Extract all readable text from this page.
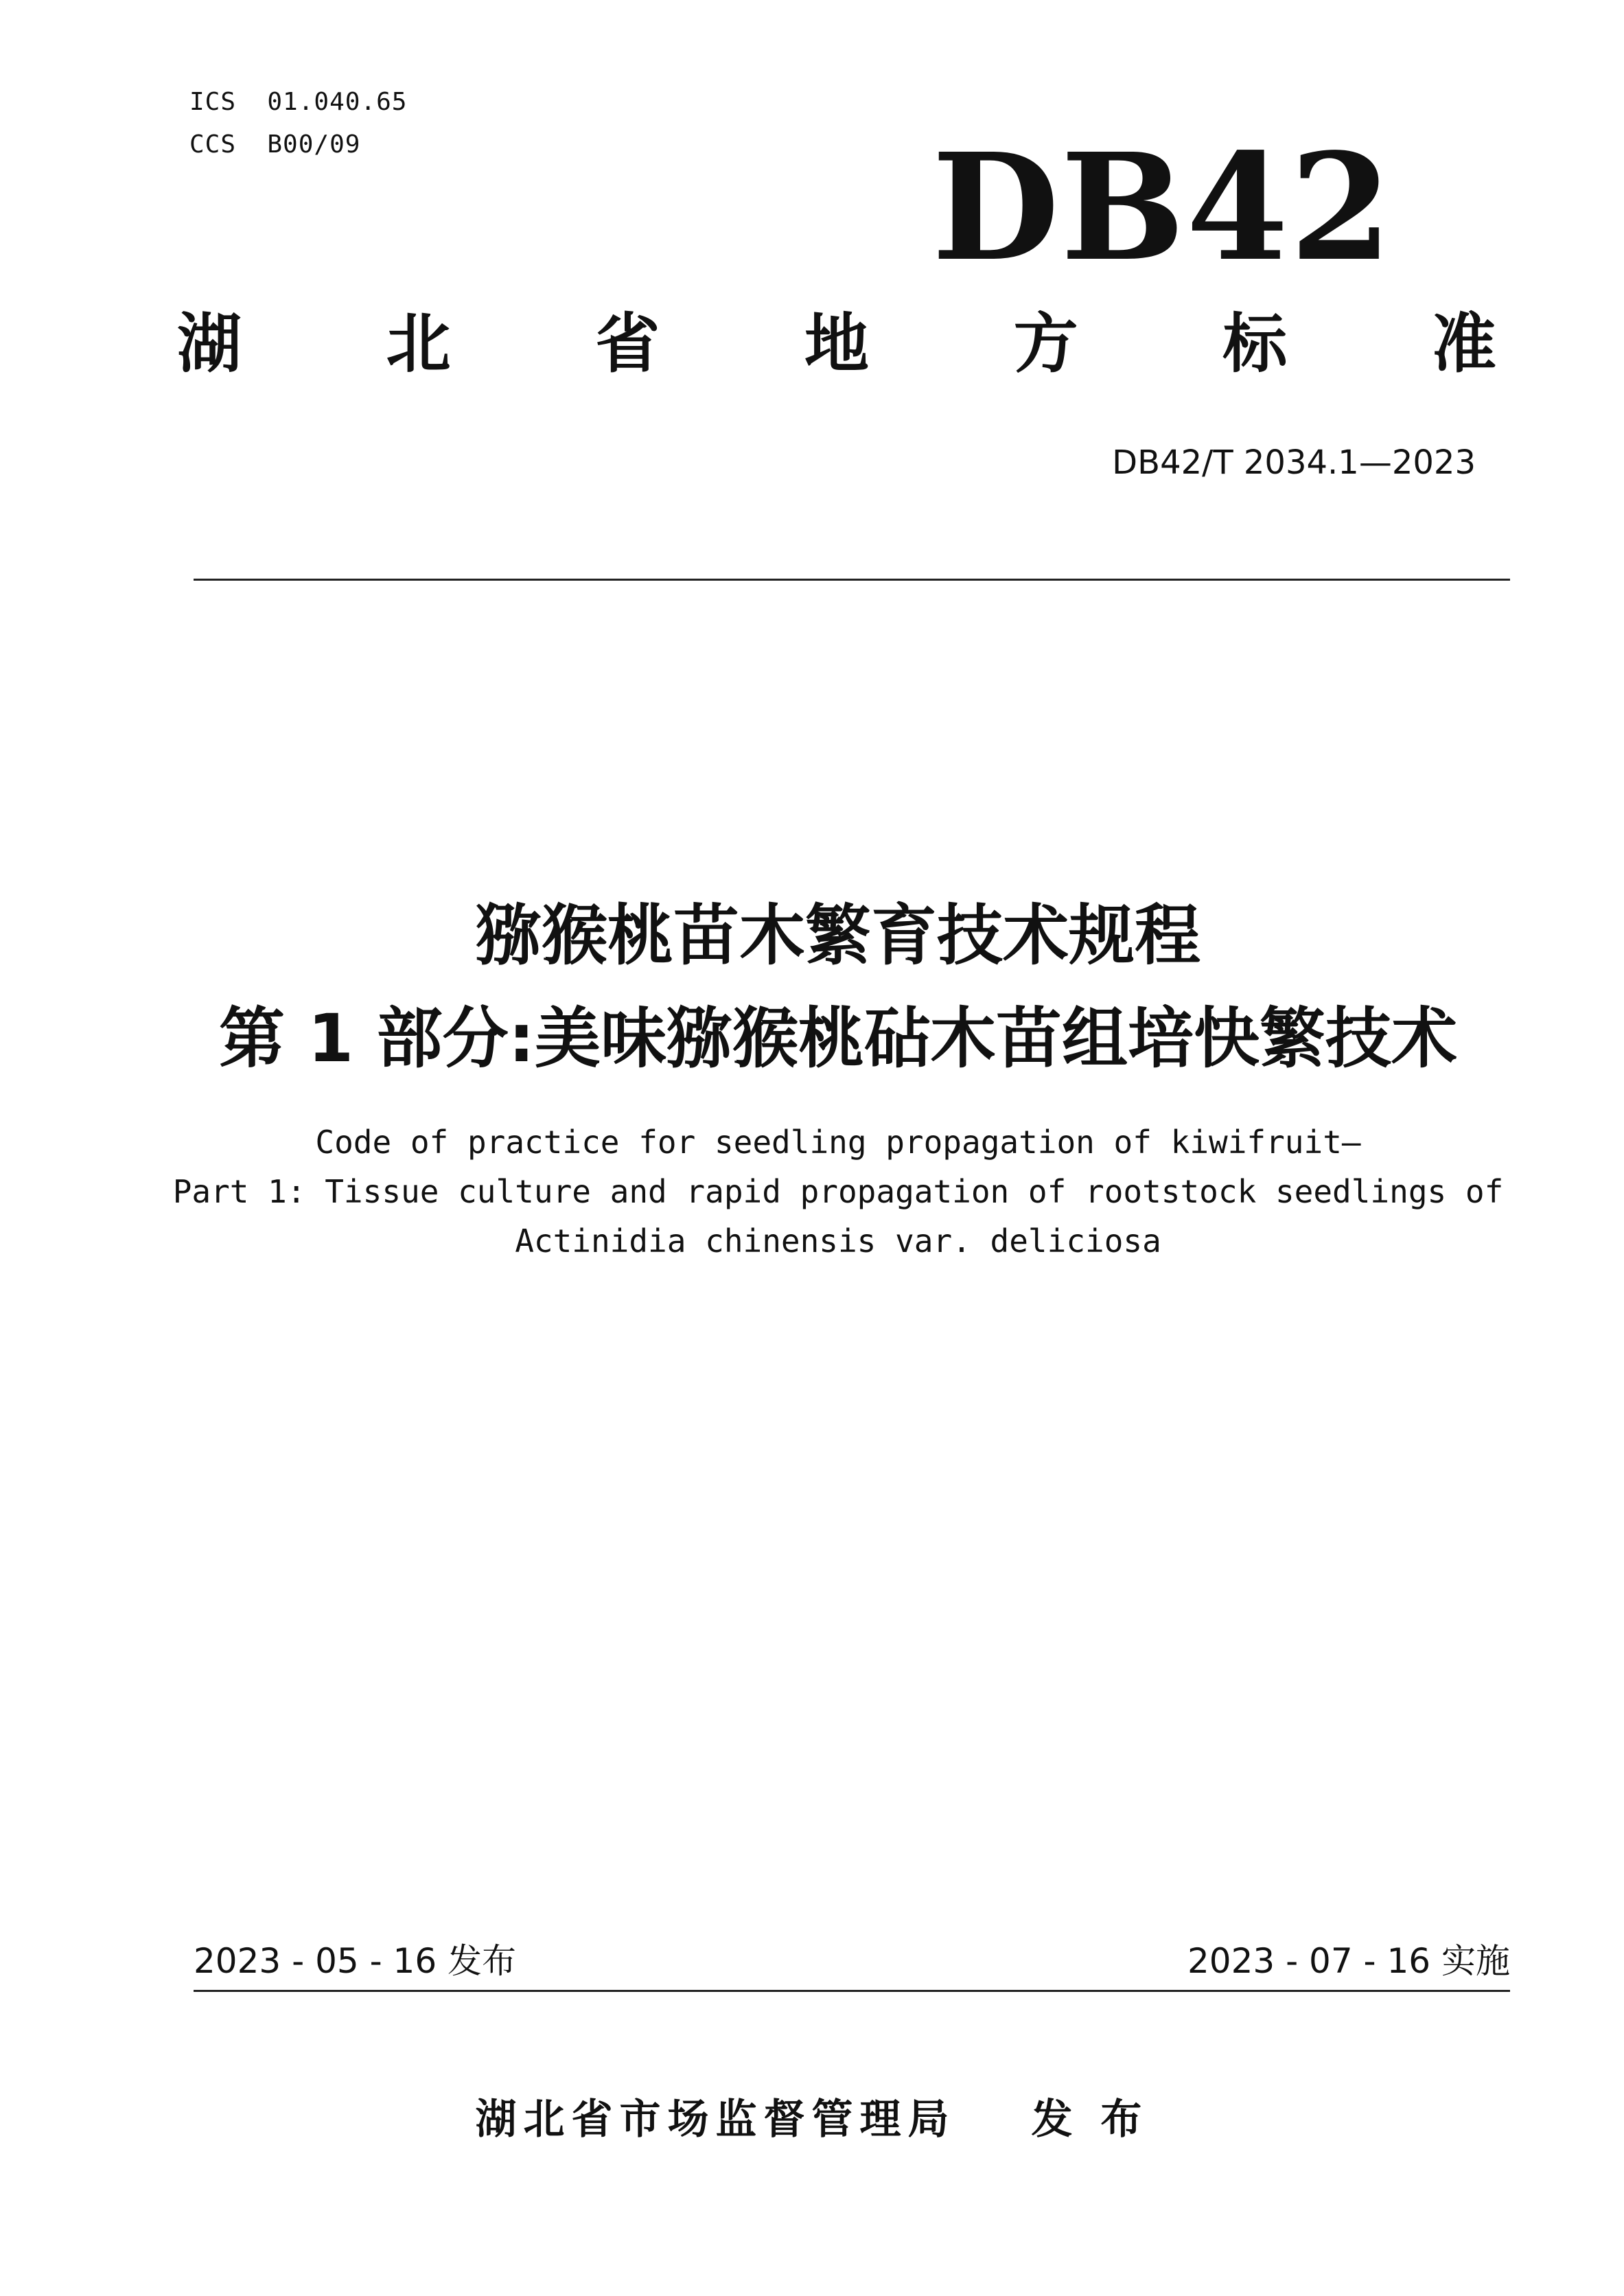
ICS  01.040.65
CCS  B00/09	DB42
湖 北 省 地 方 标 准
DB42/T 2034.1—2023
猕猴桃苗木繁育技术规程
第 1 部分:美味猕猴桃砧木苗组培快繁技术
Code of practice for seedling propagation of kiwifruit—
Part 1: Tissue culture and rapid propagation of rootstock seedlings of
Actinidia chinensis var. deliciosa
2023 - 05 - 16 发布	2023 - 07 - 16 实施
湖北省市场监督管理局 发 布
